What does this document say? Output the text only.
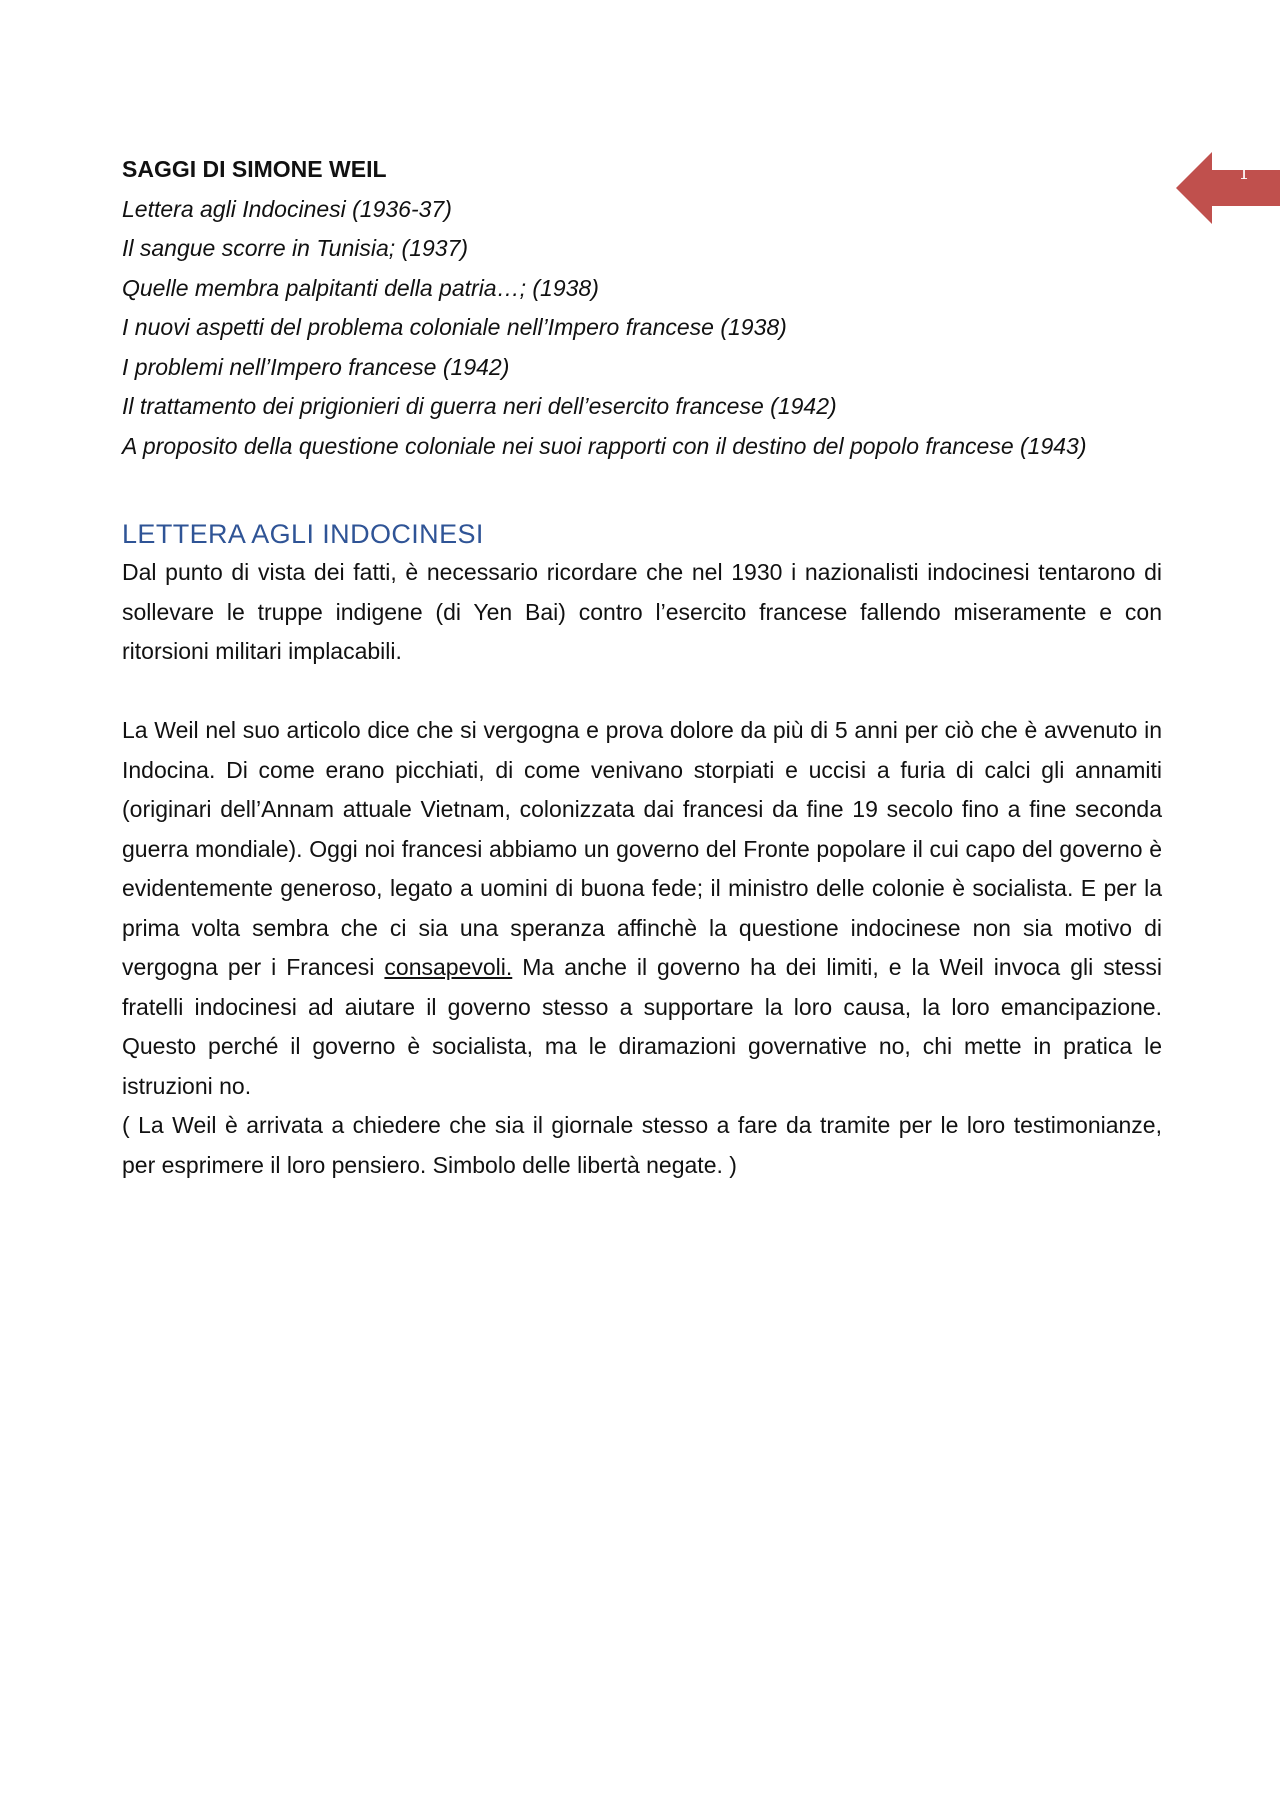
1

SAGGI DI SIMONE WEIL

Lettera agli Indocinesi (1936-37)
Il sangue scorre in Tunisia; (1937)
Quelle membra palpitanti della patria…; (1938)
I nuovi aspetti del problema coloniale nell’Impero francese (1938)
I problemi nell’Impero francese (1942)
Il trattamento dei prigionieri di guerra neri dell’esercito francese (1942)
A proposito della questione coloniale nei suoi rapporti con il destino del popolo francese (1943)
LETTERA AGLI INDOCINESI

Dal punto di vista dei fatti, è necessario ricordare che nel 1930 i nazionalisti indocinesi tentarono di sollevare le truppe indigene (di Yen Bai) contro l’esercito francese fallendo miseramente e con ritorsioni militari implacabili.

La Weil nel suo articolo dice che si vergogna e prova dolore da più di 5 anni per ciò che è avvenuto in Indocina. Di come erano picchiati, di come venivano storpiati e uccisi a furia di calci gli annamiti (originari dell’Annam attuale Vietnam, colonizzata dai francesi da fine 19 secolo fino a fine seconda guerra mondiale). Oggi noi francesi abbiamo un governo del Fronte popolare il cui capo del governo è evidentemente generoso, legato a uomini di buona fede; il ministro delle colonie è socialista. E per la prima volta sembra che ci sia una speranza affinchè la questione indocinese non sia motivo di vergogna per i Francesi consapevoli. Ma anche il governo ha dei limiti, e la Weil invoca gli stessi fratelli indocinesi ad aiutare il governo stesso a supportare la loro causa, la loro emancipazione. Questo perché il governo è socialista, ma le diramazioni governative no, chi mette in pratica le istruzioni no.

( La Weil è arrivata a chiedere che sia il giornale stesso a fare da tramite per le loro testimonianze, per esprimere il loro pensiero. Simbolo delle libertà negate. )
